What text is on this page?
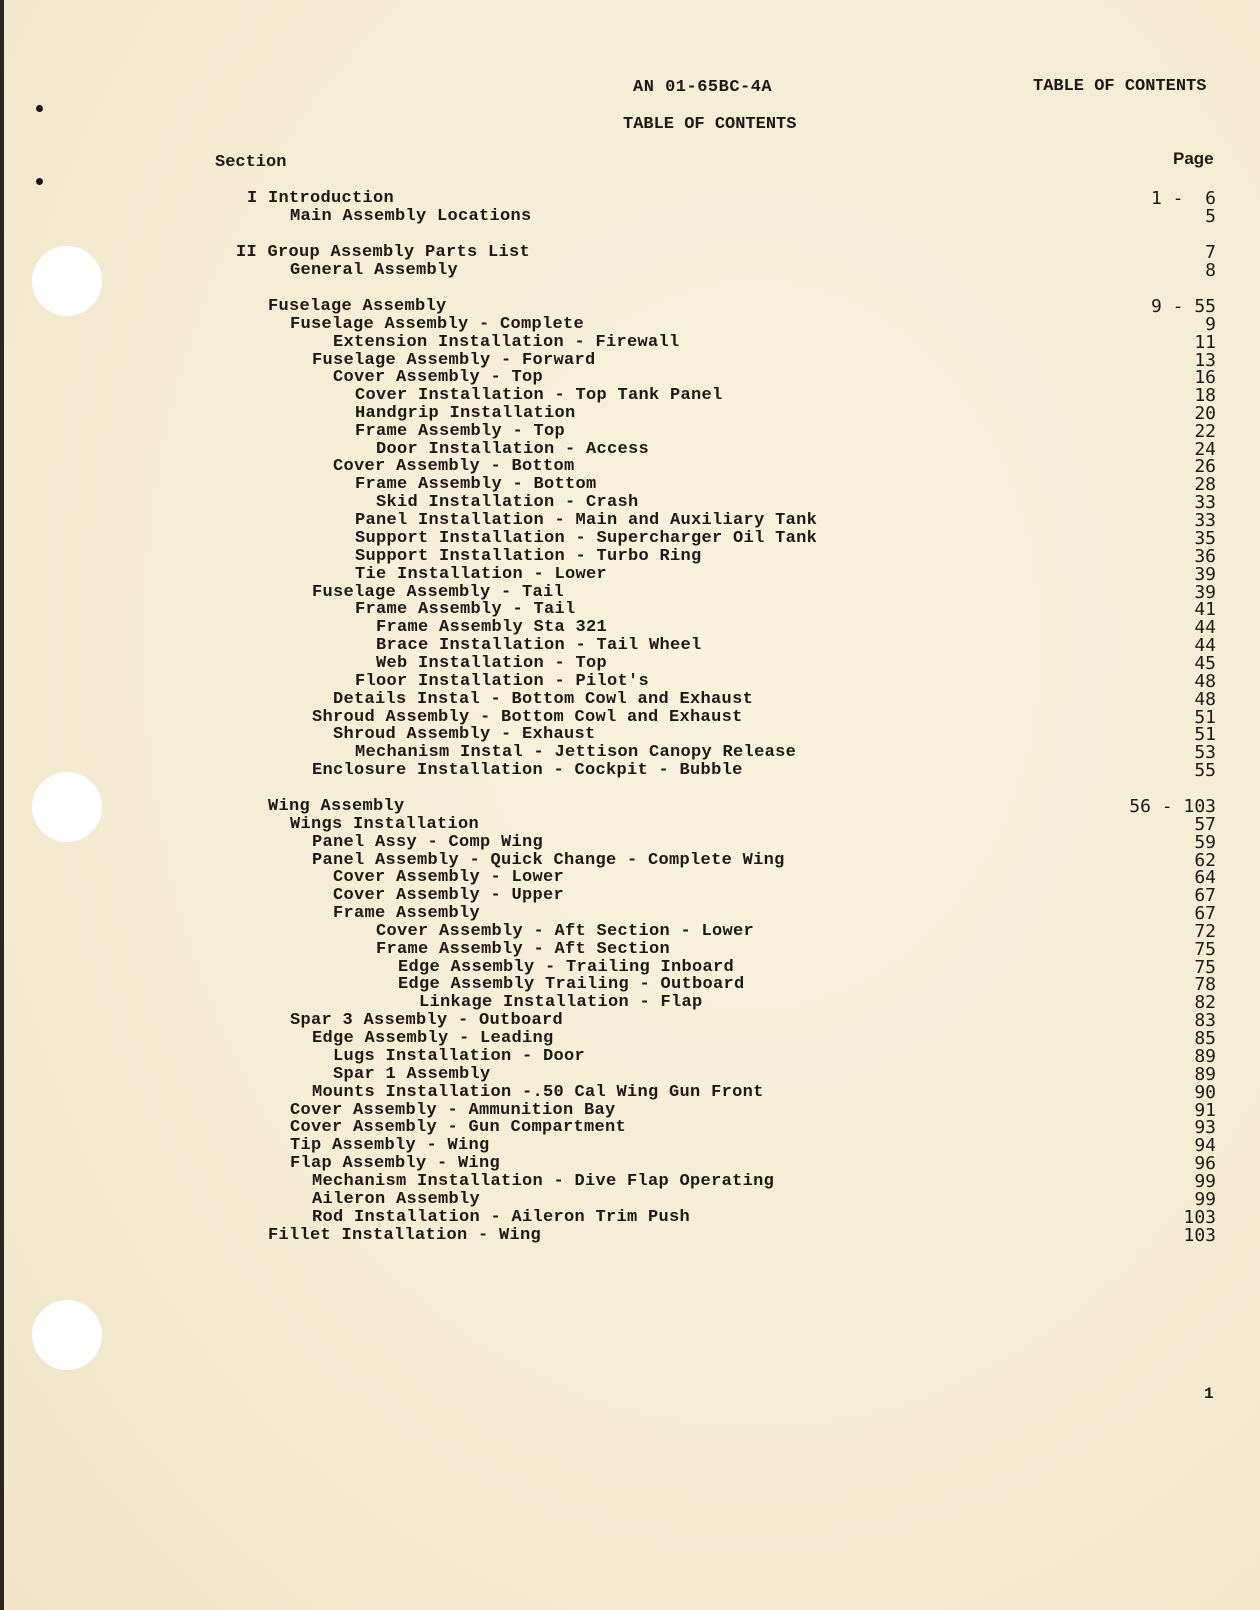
AN 01-65BC-4A	TABLE OF CONTENTS
TABLE OF CONTENTS
Section	Page
I Introduction	1 -  6
Main Assembly Locations	5
II Group Assembly Parts List	7
General Assembly	8
Fuselage Assembly	9 - 55
Fuselage Assembly - Complete	9
Extension Installation - Firewall	11
Fuselage Assembly - Forward	13
Cover Assembly - Top	16
Cover Installation - Top Tank Panel	18
Handgrip Installation	20
Frame Assembly - Top	22
Door Installation - Access	24
Cover Assembly - Bottom	26
Frame Assembly - Bottom	28
Skid Installation - Crash	33
Panel Installation - Main and Auxiliary Tank	33
Support Installation - Supercharger Oil Tank	35
Support Installation - Turbo Ring	36
Tie Installation - Lower	39
Fuselage Assembly - Tail	39
Frame Assembly - Tail	41
Frame Assembly Sta 321	44
Brace Installation - Tail Wheel	44
Web Installation - Top	45
Floor Installation - Pilot's	48
Details Instal - Bottom Cowl and Exhaust	48
Shroud Assembly - Bottom Cowl and Exhaust	51
Shroud Assembly - Exhaust	51
Mechanism Instal - Jettison Canopy Release	53
Enclosure Installation - Cockpit - Bubble	55
Wing Assembly	56 - 103
Wings Installation	57
Panel Assy - Comp Wing	59
Panel Assembly - Quick Change - Complete Wing	62
Cover Assembly - Lower	64
Cover Assembly - Upper	67
Frame Assembly	67
Cover Assembly - Aft Section - Lower	72
Frame Assembly - Aft Section	75
Edge Assembly - Trailing Inboard	75
Edge Assembly Trailing - Outboard	78
Linkage Installation - Flap	82
Spar 3 Assembly - Outboard	83
Edge Assembly - Leading	85
Lugs Installation - Door	89
Spar 1 Assembly	89
Mounts Installation -.50 Cal Wing Gun Front	90
Cover Assembly - Ammunition Bay	91
Cover Assembly - Gun Compartment	93
Tip Assembly - Wing	94
Flap Assembly - Wing	96
Mechanism Installation - Dive Flap Operating	99
Aileron Assembly	99
Rod Installation - Aileron Trim Push	103
Fillet Installation - Wing	103
1
